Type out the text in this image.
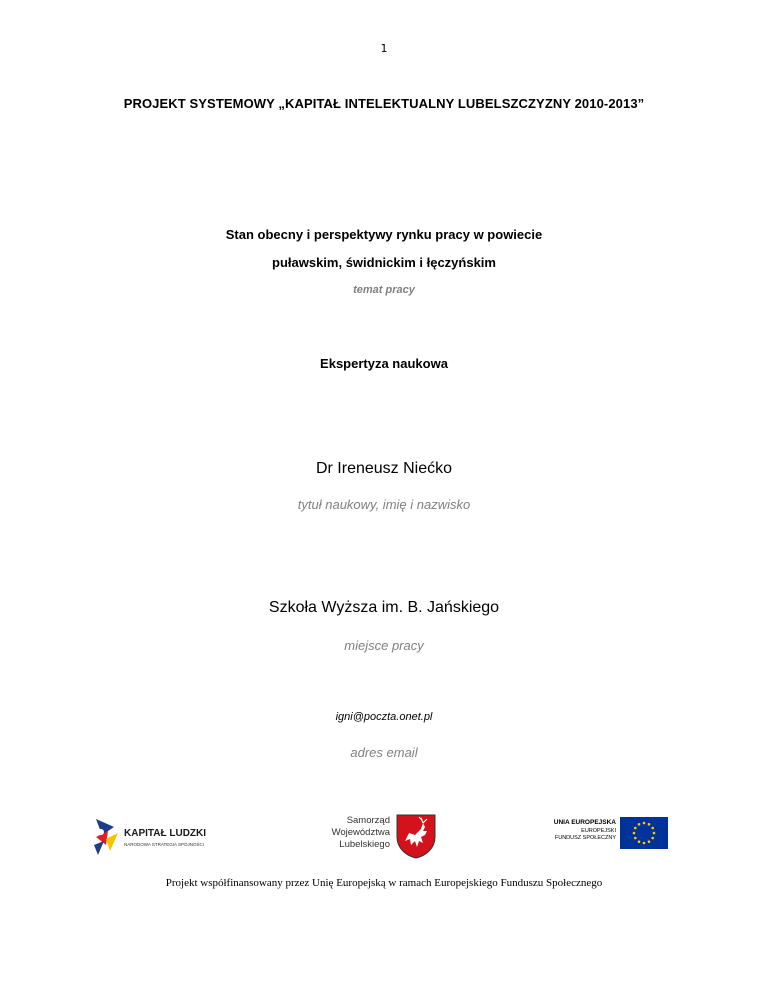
1
PROJEKT SYSTEMOWY „KAPITAŁ INTELEKTUALNY LUBELSZCZYZNY 2010-2013”
Stan obecny i perspektywy rynku pracy w powiecie
puławskim, świdnickim i łęczyńskim
temat pracy
Ekspertyza naukowa
Dr Ireneusz Niećko
tytuł naukowy, imię i nazwisko
Szkoła Wyższa im. B. Jańskiego
miejsce pracy
igni@poczta.onet.pl
adres email
KAPITAŁ LUDZKI
NARODOWA STRATEGIA SPÓJNOŚCI
Samorząd
Województwa
Lubelskiego
UNIA EUROPEJSKA
EUROPEJSKI
FUNDUSZ SPOŁECZNY
Projekt współfinansowany przez Unię Europejską w ramach Europejskiego Funduszu Społecznego
